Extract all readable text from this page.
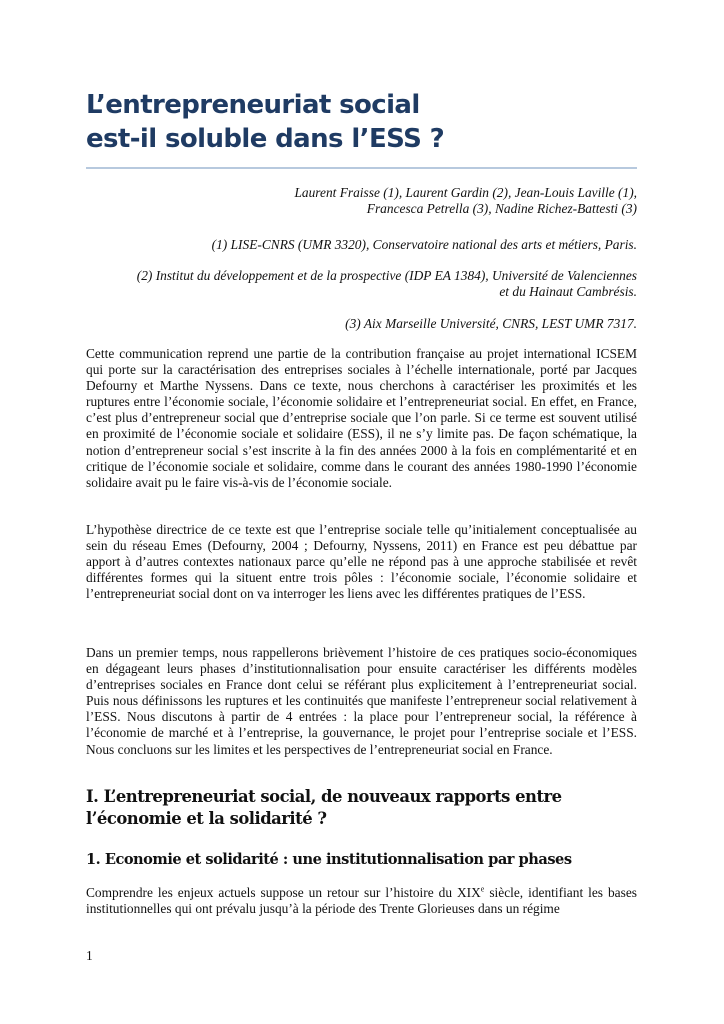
L’entrepreneuriat social
est-il soluble dans l’ESS ?
Laurent Fraisse (1), Laurent Gardin (2), Jean-Louis Laville (1),
Francesca Petrella (3), Nadine Richez-Battesti (3)
(1) LISE-CNRS (UMR 3320), Conservatoire national des arts et métiers, Paris.
(2) Institut du développement et de la prospective (IDP EA 1384), Université de Valenciennes
et du Hainaut Cambrésis.
(3) Aix Marseille Université, CNRS, LEST UMR 7317.

Cette communication reprend une partie de la contribution française au projet international ICSEM qui porte sur la caractérisation des entreprises sociales à l’échelle internationale, porté par Jacques Defourny et Marthe Nyssens. Dans ce texte, nous cherchons à caractériser les proximités et les ruptures entre l’économie sociale, l’économie solidaire et l’entrepreneuriat social. En effet, en France, c’est plus d’entrepreneur social que d’entreprise sociale que l’on parle. Si ce terme est souvent utilisé en proximité de l’économie sociale et solidaire (ESS), il ne s’y limite pas. De façon schématique, la notion d’entrepreneur social s’est inscrite à la fin des années 2000 à la fois en complémentarité et en critique de l’économie sociale et solidaire, comme dans le courant des années 1980-1990 l’économie solidaire avait pu le faire vis-à-vis de l’économie sociale.

L’hypothèse directrice de ce texte est que l’entreprise sociale telle qu’initialement conceptualisée au sein du réseau Emes (Defourny, 2004 ; Defourny, Nyssens, 2011) en France est peu débattue par apport à d’autres contextes nationaux parce qu’elle ne répond pas à une approche stabilisée et revêt différentes formes qui la situent entre trois pôles : l’économie sociale, l’économie solidaire et l’entrepreneuriat social dont on va interroger les liens avec les différentes pratiques de l’ESS.

Dans un premier temps, nous rappellerons brièvement l’histoire de ces pratiques socio-économiques en dégageant leurs phases d’institutionnalisation pour ensuite caractériser les différents modèles d’entreprises sociales en France dont celui se référant plus explicitement à l’entrepreneuriat social. Puis nous définissons les ruptures et les continuités que manifeste l’entrepreneur social relativement à l’ESS. Nous discutons à partir de 4 entrées : la place pour l’entrepreneur social, la référence à l’économie de marché et à l’entreprise, la gouvernance, le projet pour l’entreprise sociale et l’ESS. Nous concluons sur les limites et les perspectives de l’entrepreneuriat social en France.

I. L’entrepreneuriat social, de nouveaux rapports entre l’économie et la solidarité ?
1. Economie et solidarité : une institutionnalisation par phases

Comprendre les enjeux actuels suppose un retour sur l’histoire du XIXe siècle, identifiant les bases institutionnelles qui ont prévalu jusqu’à la période des Trente Glorieuses dans un régime

1
